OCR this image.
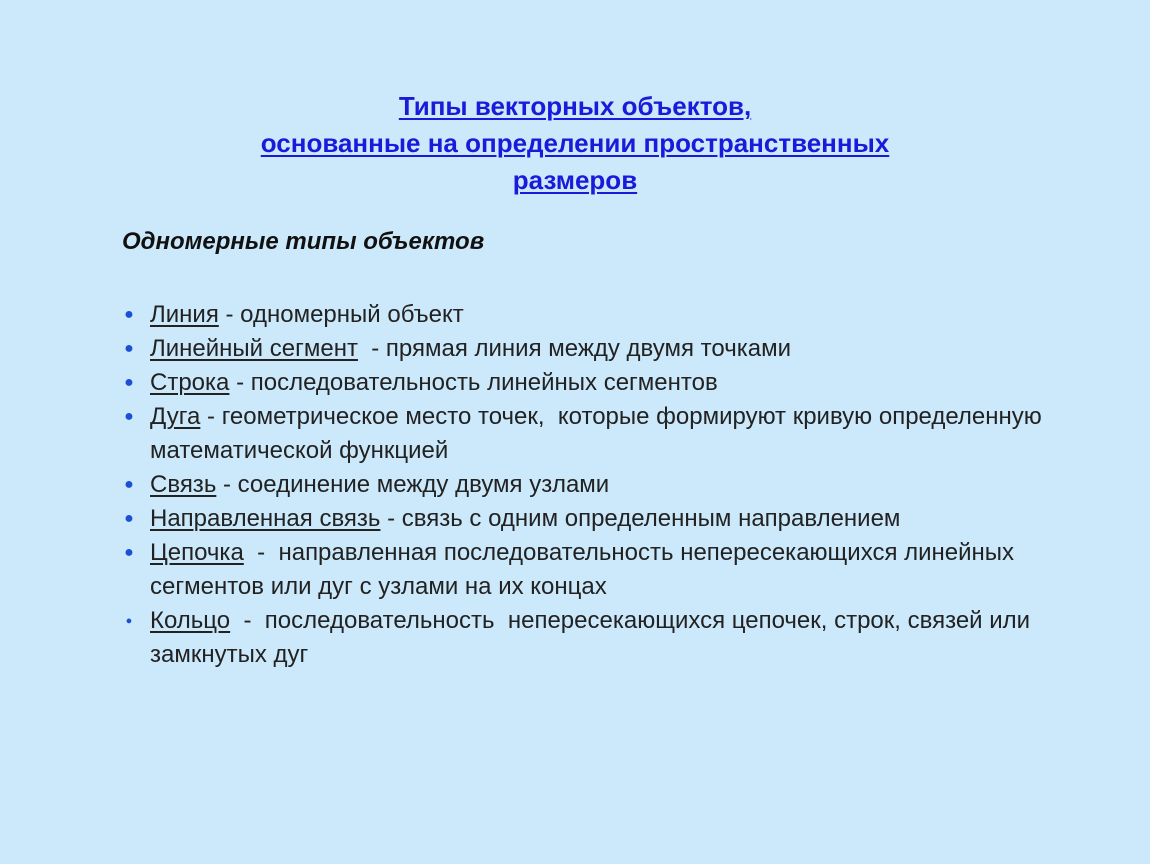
Типы векторных объектов,
основанные на определении пространственных
размеров

Одномерные типы объектов

● Линия - одномерный объект
● Линейный сегмент  - прямая линия между двумя точками
● Строка - последовательность линейных сегментов
● Дуга - геометрическое место точек,  которые формируют кривую определенную математической функцией
● Связь - соединение между двумя узлами
● Направленная связь - связь с одним определенным направлением
● Цепочка  -  направленная последовательность непересекающихся линейных сегментов или дуг с узлами на их концах
● Кольцо  -  последовательность  непересекающихся цепочек, строк, связей или замкнутых дуг
